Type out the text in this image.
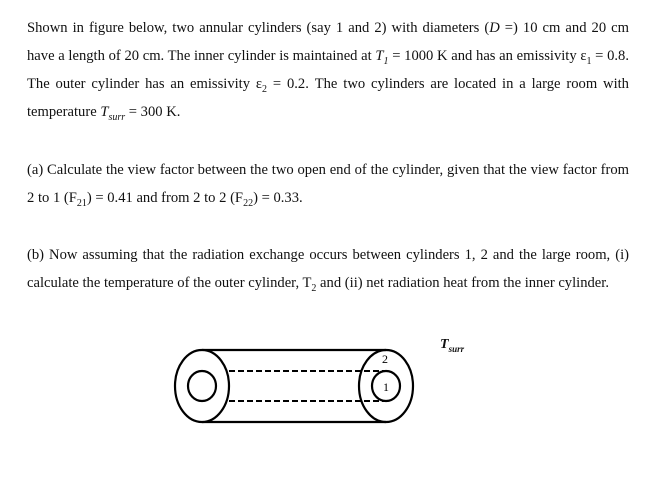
Shown in figure below, two annular cylinders (say 1 and 2) with diameters (D =) 10 cm and 20 cm have a length of 20 cm. The inner cylinder is maintained at $T_1 = 1000$ K and has an emissivity $\varepsilon_1 = 0.8$. The outer cylinder has an emissivity $\varepsilon_2 = 0.2$. The two cylinders are located in a large room with temperature $T_{surr} = 300$ K.

(a) Calculate the view factor between the two open end of the cylinder, given that the view factor from 2 to 1 $(F_{21}) = 0.41$ and from 2 to 2 $(F_{22}) = 0.33$.

(b) Now assuming that the radiation exchange occurs between cylinders 1, 2 and the large room, (i) calculate the temperature of the outer cylinder, $T_2$ and (ii) net radiation heat from the inner cylinder.

$T_{surr}$
2
1
